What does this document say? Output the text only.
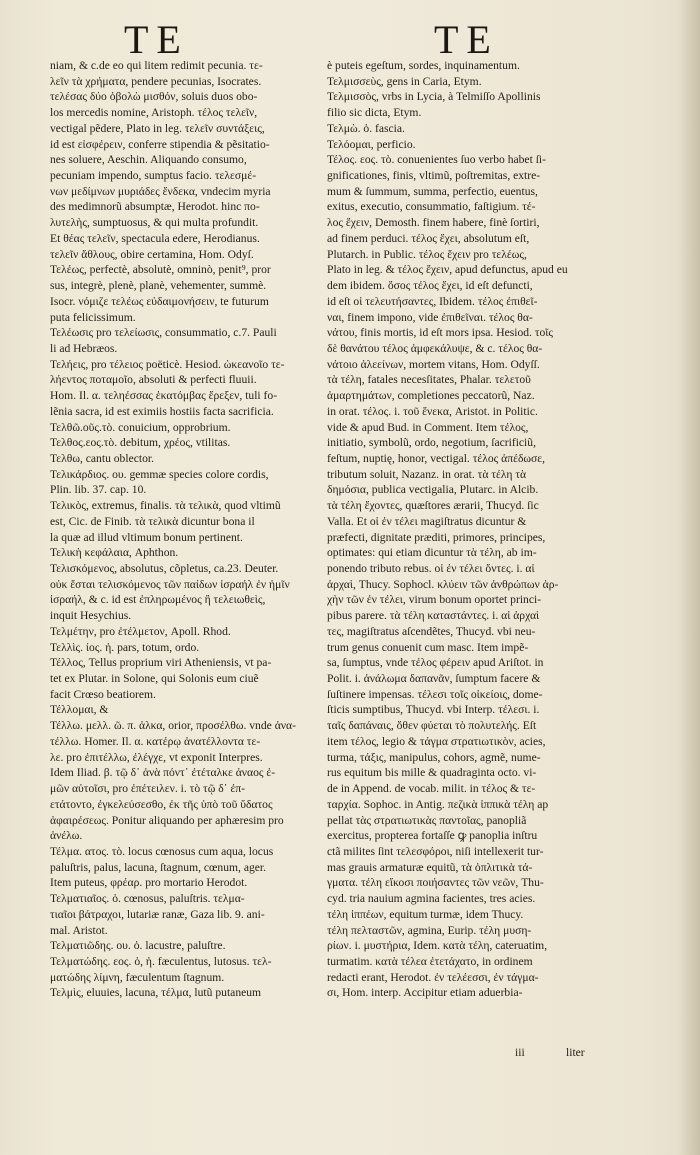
TE	TE
niam, & c.de eo qui litem redimit pecunia. τε-
λεῖν τὰ χρήματα, pendere pecunias, Isocrates.
τελέσας δύο ὀβολὼ μισθόν, soluis duos obo-
los mercedis nomine, Aristoph. τέλος τελεῖν,
vectigal pẽdere, Plato in leg. τελεῖν συντάξεις,
id est εἰσφέρειν, conferre stipendia & pẽsitatio-
nes soluere, Aeschin. Aliquando consumo,
pecuniam impendo, sumptus facio. τελεσμέ-
νων μεδίμνων μυριάδες ἕνδεκα, vndecim myria
des medimnorũ absumptæ, Herodot. hinc πο-
λυτελὴς, sumptuosus, & qui multa profundit.
Et θέας τελεῖν, spectacula edere, Herodianus.
τελεῖν ἄθλους, obire certamina, Hom. Odyſ.
Τελέως, perfectè, absolutè, omninò, penit⁹, pror
sus, integrè, plenè, planè, vehementer, summè.
Isocr. νόμιζε τελέως εὐδαιμονήσειν, te futurum
puta felicissimum.
Τελέωσις pro τελείωσις, consummatio, c.7. Pauli
li ad Hebræos.
Τελήεις, pro τέλειος poëticè. Hesiod. ὠκεανοῖο τε-
λήεντος ποταμοῖο, absoluti & perfecti fluuii.
Hom. Il. α. τεληέσσας ἑκατόμβας ἔρεξεν, tuli fo-
lẽnia sacra, id est eximiis hostiis facta sacrificia.
Τελθῶ.οῦς.τὸ. conuicium, opprobrium.
Τελθος.εος.τὸ. debitum, χρέος, vtilitas.
Τελθω, cantu oblector.
Τελικάρδιος. ου. gemmæ species colore cordis,
Plin. lib. 37. cap. 10.
Τελικὸς, extremus, finalis. τὰ τελικὰ, quod vltimũ
est, Cic. de Finib. τὰ τελικὰ dicuntur bona il
la quæ ad illud vltimum bonum pertinent.
Τελικὴ κεφάλαια, Aphthon.
Τελισκόμενος, absolutus, cõpletus, ca.23. Deuter.
οὐκ ἔσται τελισκόμενος τῶν παίδων ἰσραήλ ἐν ἡμῖν
ἰσραήλ, & c. id est ἐπληρωμένος ἢ τελειωθεὶς,
inquit Hesychius.
Τελμέτην, pro ἐτέλμετον, Apoll. Rhod.
Τελλὶς. ίος. ἡ. pars, totum, ordo.
Τέλλος, Tellus proprium viri Atheniensis, vt pa-
tet ex Plutar. in Solone, qui Solonis eum ciuẽ
facit Crœso beatiorem.
Τέλλομαι, &
Τέλλω. μελλ. ῶ. π. ἀλκα, orior, προσέλθω. vnde ἀνα-
τέλλω. Homer. Il. α. κατέρῳ ἀνατέλλοντα τε-
λε. pro ἐπιτέλλω, ἐλέγχε, vt exponit Interpres.
Idem Iliad. β. τῷ δ᾽ ἀνὰ πόντ᾽ ἐτέταλκε ἀναος ἐ-
μῶν αὐτοῖσι, pro ἐπέτειλεν. i. τὸ τῷ δ᾽ ἐπ-
ετάτοντο, ἐγκελεύσεσθο, ἐκ τῆς ὑπὸ τοῦ ὕδατος
ἀφαιρέσεως. Ponitur aliquando per aphæresim pro
ἀνέλω.
Τέλμα. ατος. τὸ. locus cœnosus cum aqua, locus
paluſtris, palus, lacuna, ſtagnum, cœnum, ager.
Item puteus, φρέαρ. pro mortario Herodot.
Τελματιαῖος. ὁ. cœnosus, paluſtris. τελμα-
τιαῖοι βάτραχοι, lutariæ ranæ, Gaza lib. 9. ani-
mal. Aristot.
Τελματιῶδης. ου. ὁ. lacustre, paluſtre.
Τελματώδης. εος. ὁ, ἡ. fæculentus, lutosus. τελ-
ματώδης λίμνη, fæculentum ſtagnum.
Τελμὶς, eluuies, lacuna, τέλμα, lutũ putaneum
è puteis egeſtum, sordes, inquinamentum.
Τελμισσεὺς, gens in Caria, Etym.
Τελμισσὸς, vrbs in Lycia, à Telmiſſo Apollinis
filio sic dicta, Etym.
Τελμὼ. ὁ. fascia.
Τελόομαι, perficio.
Τέλος. εος. τὸ. conuenientes ſuo verbo habet ſi-
gnificationes, finis, vltimũ, poſtremitas, extre-
mum & ſummum, summa, perfectio, euentus,
exitus, executio, consummatio, faſtigium. τέ-
λος ἔχειν, Demosth. finem habere, finè ſortiri,
ad finem perduci. τέλος ἔχει, absolutum eſt,
Plutarch. in Public. τέλος ἔχειν pro τελέως,
Plato in leg. & τέλος ἔχειν, apud defunctus, apud eu
dem ibidem. ὅσος τέλος ἔχει, id eſt defuncti,
id eſt οἱ τελευτήσαντες, Ibidem. τέλος ἐπιθεῖ-
ναι, finem impono, vide ἐπιθεῖναι. τέλος θα-
νάτου, finis mortis, id eſt mors ipsa. Hesiod. τοῖς
δὲ θανάτου τέλος ἀμφεκάλυψε, & c. τέλος θα-
νάτοιο ἀλεείνων, mortem vitans, Hom. Odyſſ.
τὰ τέλη, fatales necesſitates, Phalar. τελετοῦ
ἁμαρτημάτων, completiones peccatorũ, Naz.
in orat. τέλος. i. τοῦ ἕνεκα, Aristot. in Politic.
vide & apud Bud. in Comment. Item τέλος,
initiatio, symbolũ, ordo, negotium, ſacrificiũ,
feſtum, nuptię, honor, vectigal. τέλος ἀπέδωσε,
tributum soluit, Nazanz. in orat. τὰ τέλη τὰ
δημόσια, publica vectigalia, Plutarc. in Alcib.
τὰ τέλη ἔχοντες, quæſtores ærarii, Thucyd. ſic
Valla. Et οἱ ἐν τέλει magiſtratus dicuntur &
præfecti, dignitate præditi, primores, principes,
optimates: qui etiam dicuntur τὰ τέλη, ab im-
ponendo tributo rebus. οἱ ἐν τέλει ὄντες. i. αἱ
ἀρχαὶ, Thucy. Sophocl. κλύειν τῶν ἀνθρώπων ἀρ-
χὴν τῶν ἐν τέλει, virum bonum oportet princi-
pibus parere. τὰ τέλη καταστάντες. i. αἱ ἀρχαὶ
τες, magiſtratus aſcendẽtes, Thucyd. vbi neu-
trum genus conuenit cum masc. Item impẽ-
sa, ſumptus, vnde τέλος φέρειν apud Ariſtot. in
Polit. i. ἀνάλωμα δαπανᾶν, ſumptum facere &
ſuſtinere impensas. τέλεσι τοῖς οἰκείοις, dome-
ſticis sumptibus, Thucyd. vbi Interp. τέλεσι. i.
ταῖς δαπάναις, ὅθεν φύεται τὸ πολυτελής. Eſt
item τέλος, legio & τάγμα στρατιωτικὸν, acies,
turma, τάξις, manipulus, cohors, agmẽ, nume-
rus equitum bis mille & quadraginta octo. vi-
de in Append. de vocab. milit. in τέλος & τε-
ταρχία. Sophoc. in Antig. πεζικὰ ἱππικὰ τέλη ap
pellat τὰς στρατιωτικὰς παντοῖας, panopliã
exercitus, propterea fortaſſe ꝙ panoplia inſtru
ctã milites ſint τελεσφόροι, niſi intellexerit tur-
mas grauis armaturæ equitũ, τὰ ὁπλιτικὰ τά-
γματα. τέλη εἴκοσι ποιήσαντες τῶν νεῶν, Thu-
cyd. tria nauium agmina facientes, tres acies.
τέλη ἱππέων, equitum turmæ, idem Thucy.
τέλη πελταστῶν, agmina, Eurip. τέλη μυση-
ρίων. i. μυστήρια, Idem. κατὰ τέλη, cateruatim,
turmatim. κατὰ τέλεα ἐτετάχατο, in ordinem
redacti erant, Herodot. ἐν τελέεσσι, ἐν τάγμα-
σι, Hom. interp. Accipitur etiam aduerbia-
iii	liter
